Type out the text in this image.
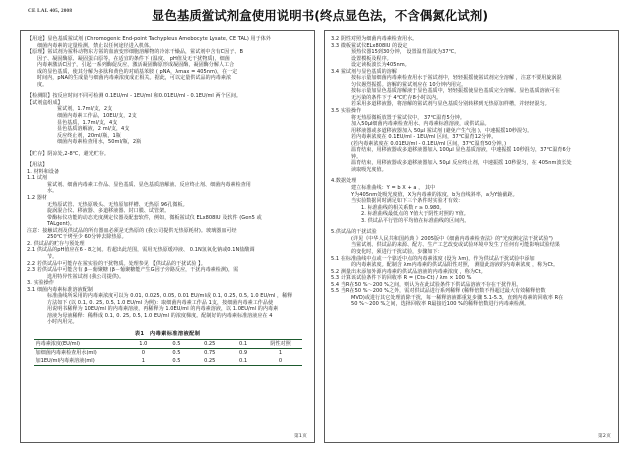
CE LAL 405, 2008	显色基质鲎试剂盒使用说明书(终点显色法，不含偶氮化试剂)
【用途】显色基质鲎试剂 (Chromogenic End-point Tachypleus Amebocyte Lysate, CE TAL) 用于体外
细菌内毒素的定量检测，禁止以任何途径进入机体。
【原理】鲎试剂为鲎科动物东方鲎的血液变形细胞溶解物的冷冻干燥品，鲎试剂中含有C因子、B
因子、凝固酶原、凝固蛋白原等。在适宜的条件下 (温度、 pH值及无干扰物质)，细菌
内毒素激活C因子，引起一系列酶促反应，激活凝固酶原形成凝固酶，凝固酶分解人工合
成的显色基质，使其分解为多肽和黄色的对硝基苯胺 ( pNA，λmax = 405nm)，在一定
时间内，pNA的生成量与细菌内毒素浓度成正相关。据此，可以定量供试品的内毒素浓
度。
【检测限】按反应时间不同可检测 0.1EU/ml - 1EU/ml 和0.01EU/ml - 0.1EU/ml 两个区间。
【试剂盒组成】
鲎试剂，1.7ml/支，2支
细菌内毒素工作品，10EU/支，2支
显色基质，1.7ml/支，4支
显色基质溶解液，2 ml/支，4支
反应终止剂，20ml/瓶，1瓶
细菌内毒素检查用水，50ml/瓶，2瓶
【贮存】阴凉处,2-8℃，避光贮存。
【用法】
1. 材料和设备
1.1 试剂
鲎试剂、细菌内毒素工作品、显色基质、显色基质溶解液、反应终止剂、细菌内毒素检查用
水。
1.2 器材
无热原试管、无热原吸头、无热原加样槽、无热原 96孔微板。
旋涡混合仪、移液器、多道移液器、封口膜、试管架。
带酶标仪功能的动态光度测定仪器及配套软件，例如，微板鲎试仪 ELx808IU 及软件 (Gen5 或
TALgent)。
注意：接触试剂及供试品的所有器皿必须是无热原的 (我公司提供无热原耗材)。玻璃器皿可经
250℃干烤至少 60分钟去除热原。
2. 供试品的贮存与预处理
2.1 供试品的pH值应在6 - 8之间。若超出此范围，需用无热原缓冲液、 0.1N氢氧化钠或0.1N盐酸调
节。
2.2 若供试品中可能存在鲎实验的干扰物质。处理参见 【供试品的干扰试验 】。
2.3 若供试品中可能含有 β－葡聚糖 (β－葡聚糖能产生G因子旁路反应，干扰内毒素检测)，需
选用特异性鲎试剂 (我公司提供)。
3. 实验操作
3.1 细菌内毒素标准溶液配制
标准曲线所采用的内毒素浓度可以为 0.01, 0.025, 0.05, 0.01 EU/ml或 0.1, 0.25, 0.5, 1.0 EU/ml ，稀释
方法如下 (以 0.1, 0. 25, 0.5, 1.0 EU/ml 为例)：取细菌内毒素工作品 1支，按细菌内毒素工作品使
用说明书稀释为 10EU/ml 的内毒素溶液，再稀释为 1.0EU/ml 的内毒素溶液，以 1.0EU/ml 的内毒素
溶液为母液稀释：稀释成 0.1, 0. 25, 0.5, 1.0 EU/ml 的浓度梯度。配制好的内毒素标准溶液应在 4
小时内用完。
表1　内毒素标准溶液配制
内毒素浓度(EU/ml)	1.0	0.5	0.25	0.1	阴性对照
加细菌内毒素检查用水(ml)	0	0.5	0.75	0.9	1
加1EU/ml内毒素溶液(ml)	1	0.5	0.25	0.1	0
第1页
3.2 阴性对照为细菌内毒素检查用水。
3.3 微板鲎试仪ELx808IU 的设定
预热仪器15到30分钟， 设置温育温度为37℃。
设置模板及程序。
设定读板波长为405nm。
3.4 鲎试剂与显色基质的溶解
按标示量加细菌内毒素检查用水于鲎试剂中，轻轻振摇使鲎试剂完全溶解 ，注意不要用旋涡混
匀仪愚烈振摇。溶解的鲎试剂应在 10分钟内用完。
按标示量加显色基质溶解液于显色基质中，轻轻振摇使显色基质完全溶解。显色基质溶液可在
无污染的条件下于 4℃贮存8小时以内。
若采用多道移液器，将溶解的鲎试剂与显色基质分别转移到无热原加样槽，并轻轻混匀。
3.5 实验操作
将无热原微板放置于鲎试仪中， 37℃温育5分钟。
加入50μl细菌内毒素检查用水、内毒素标准溶液，或供试品。
用移液器或多道移液器加入 50μl 鲎试剂 (避免产生气泡 )，中速振摇10秒混匀。
若内毒素浓度在 0.1EU/ml - 1EU/ml 区间，37℃温育12分钟。
(若内毒素浓度在 0.01EU/ml - 0.1EU/ml 区间，37℃温育50分钟。)
温育结束，用移液器或多道移液器加入 100μl 显色基质溶液，中速振摇 10秒混匀，37℃温育6分
钟。
温育结束，用移液器或多道移液器加入 50μl 反应终止剂，中速振摇 10秒混匀，在 405nm波长处
读取吸光度值。
4.数据处理
建立标准曲线：Y = b X + a ， 其中
Y为405nm处吸光度值，X为内毒素的浓度，b为直线斜率，a为Y轴截距。
当实验数据同时满足如下三个条件时实验才有效：
1. 标准曲线的相关系数 r ≥ 0.980。
2. 标准曲线最低点的 Y值大于阴性对照的 Y值。
3. 供试品平行管的平均值在标准曲线的区间内。
5.供试品的干扰试验
(详见《中华人民共和国药典 》2005版中《细菌内毒素检查法》的"光度测定法干扰试验")
当鲎试剂、供试品的来源、配方、生产工艺改变或试验环境中发生了任何有可能影响试验结果
的变化时，须进行干扰试验，步骤如下：
5.1 在标准曲线中点或一个靠近中点的内毒素浓度 (设为 λm)，作为供试品干扰试验中添加
的内毒素浓度。配制含 λm内毒素的供试品阳性对照， 测量此溶液的内毒素浓度 ，称为Ct。
5.2 测量出未添加外源内毒素的供试品溶液的内毒素浓度 ，称为Ct。
5.3 计算该试验条件下的回收率 R = (Cts-Ct) / λm × 100 %
5.4 当R在50 %～200 %之间，则认为在此试验条件下供试品溶液不存在干扰作用。
5.5 当R在50 %～200 %之外，需对供试品进行系列稀释 (稀释倍数不得超过最大有效稀释倍数
MVD)或进行其它处理消除干扰，每一稀释溶液都重复步骤 5.1-5.3，直到内毒素的回收率 R在
50 %～200 %之间，选择回收率 R最接近100 %的稀释倍数进行内毒素检测。
第2页
